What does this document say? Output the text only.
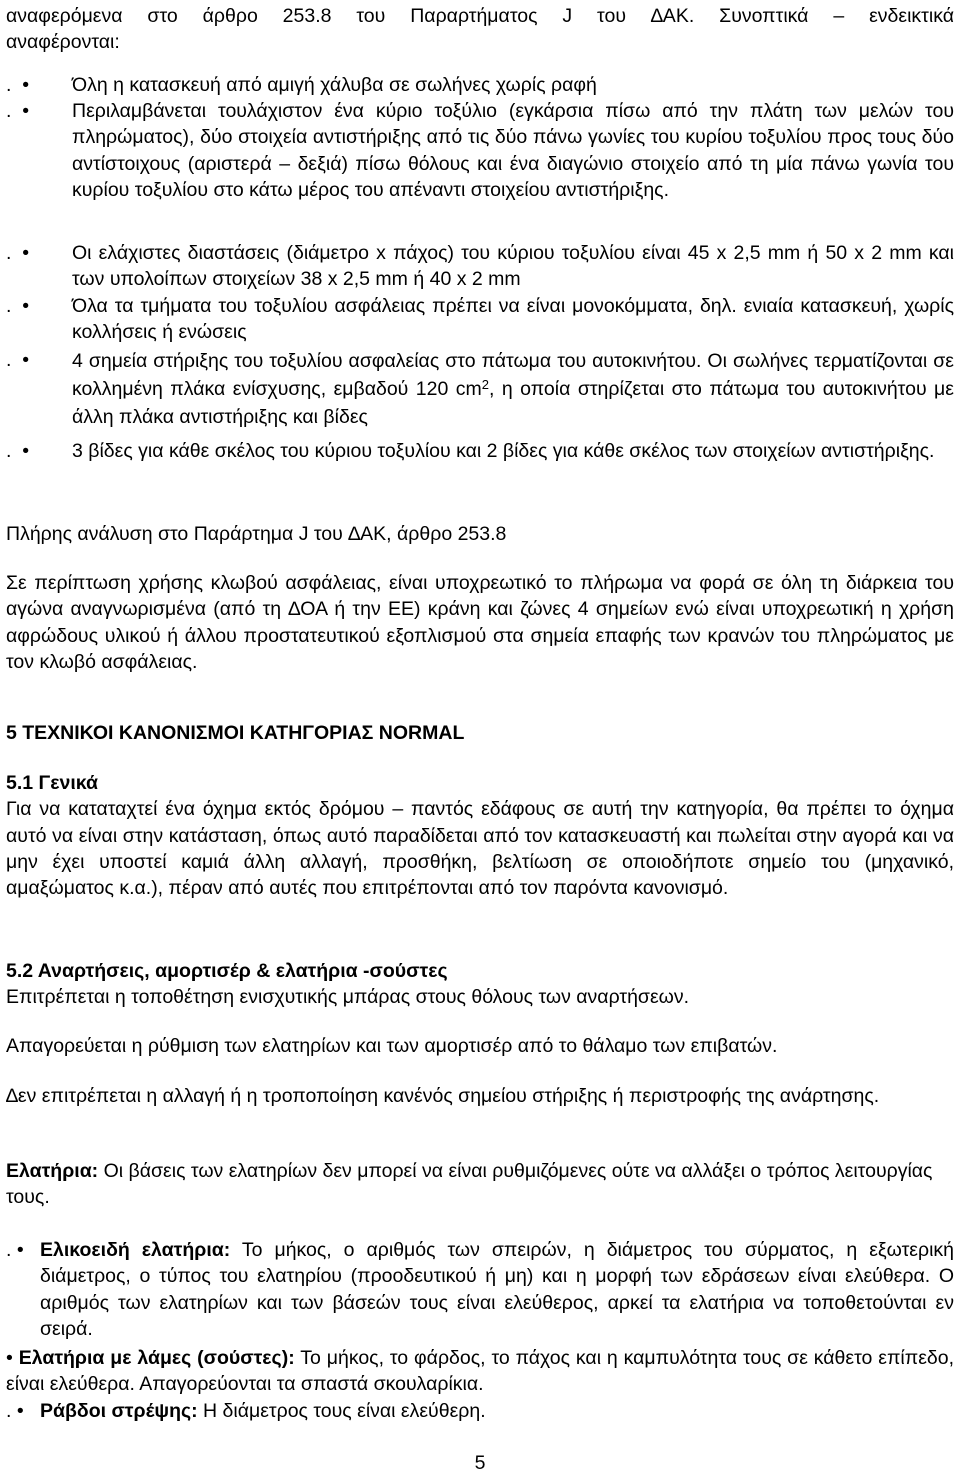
αναφερόμενα στο άρθρο 253.8 του Παραρτήματος J του ∆ΑΚ. Συνοπτικά – ενδεικτικά
αναφέρονται:
.  • Όλη η κατασκευή από αμιγή χάλυβα σε σωλήνες χωρίς ραφή
.  • Περιλαμβάνεται τουλάχιστον ένα κύριο τοξύλιο (εγκάρσια πίσω από την πλάτη των μελών του πληρώματος), δύο στοιχεία αντιστήριξης από τις δύο πάνω γωνίες του κυρίου τοξυλίου προς τους δύο αντίστοιχους (αριστερά – δεξιά) πίσω θόλους και ένα διαγώνιο στοιχείο από τη μία πάνω γωνία του κυρίου τοξυλίου στο κάτω μέρος του απέναντι στοιχείου αντιστήριξης.
.  • Οι ελάχιστες διαστάσεις (διάμετρο x πάχος) του κύριου τοξυλίου είναι 45 x 2,5 mm ή 50 x 2 mm και των υπολοίπων στοιχείων 38 x 2,5 mm ή 40 x 2 mm
.  • Όλα τα τμήματα του τοξυλίου ασφάλειας πρέπει να είναι μονοκόμματα, δηλ. ενιαία κατασκευή, χωρίς κολλήσεις ή ενώσεις
.  • 4 σημεία στήριξης του τοξυλίου ασφαλείας στο πάτωμα του αυτοκινήτου. Οι σωλήνες τερματίζονται σε κολλημένη πλάκα ενίσχυσης, εμβαδού 120 $cm^2$, η οποία στηρίζεται στο πάτωμα του αυτοκινήτου με άλλη πλάκα αντιστήριξης και βίδες
.  • 3 βίδες για κάθε σκέλος του κύριου τοξυλίου και 2 βίδες για κάθε σκέλος των στοιχείων αντιστήριξης.

Πλήρης ανάλυση στο Παράρτημα J του ∆ΑΚ, άρθρο 253.8

Σε περίπτωση χρήσης κλωβού ασφάλειας, είναι υποχρεωτικό το πλήρωμα να φορά σε όλη τη διάρκεια του αγώνα αναγνωρισμένα (από τη ∆ΟΑ ή την ΕΕ) κράνη και ζώνες 4 σημείων ενώ είναι υποχρεωτική η χρήση αφρώδους υλικού ή άλλου προστατευτικού εξοπλισμού στα σημεία επαφής των κρανών του πληρώματος με τον κλωβό ασφάλειας.

5 ΤΕΧΝΙΚΟΙ ΚΑΝΟΝΙΣΜΟΙ ΚΑΤΗΓΟΡΙΑΣ NORMAL

5.1 Γενικά
Για να καταταχτεί ένα όχημα εκτός δρόμου – παντός εδάφους σε αυτή την κατηγορία, θα πρέπει το όχημα αυτό να είναι στην κατάσταση, όπως αυτό παραδίδεται από τον κατασκευαστή και πωλείται στην αγορά και να μην έχει υποστεί καμιά άλλη αλλαγή, προσθήκη, βελτίωση σε οποιοδήποτε σημείο του (μηχανικό, αμαξώματος κ.α.), πέραν από αυτές που επιτρέπονται από τον παρόντα κανονισμό.
5.2 Αναρτήσεις, αμορτισέρ & ελατήρια -σούστες
Επιτρέπεται η τοποθέτηση ενισχυτικής μπάρας στους θόλους των αναρτήσεων.

Απαγορεύεται η ρύθμιση των ελατηρίων και των αμορτισέρ από το θάλαμο των επιβατών.

∆εν επιτρέπεται η αλλαγή ή η τροποποίηση κανένός σημείου στήριξης ή περιστροφής της ανάρτησης.

Ελατήρια: Οι βάσεις των ελατηρίων δεν μπορεί να είναι ρυθμιζόμενες ούτε να αλλάξει ο τρόπος λειτουργίας τους.

. • Ελικοειδή ελατήρια: Το μήκος, ο αριθμός των σπειρών, η διάμετρος του σύρματος, η εξωτερική διάμετρος, ο τύπος του ελατηρίου (προοδευτικού ή μη) και η μορφή των εδράσεων είναι ελεύθερα. Ο αριθμός των ελατηρίων και των βάσεών τους είναι ελεύθερος, αρκεί τα ελατήρια να τοποθετούνται εν σειρά.
• Ελατήρια με λάμες (σούστες): Το μήκος, το φάρδος, το πάχος και η καμπυλότητα τους σε κάθετο επίπεδο, είναι ελεύθερα. Απαγορεύονται τα σπαστά σκουλαρίκια.
. • Ράβδοι στρέψης: Η διάμετρος τους είναι ελεύθερη.
5
